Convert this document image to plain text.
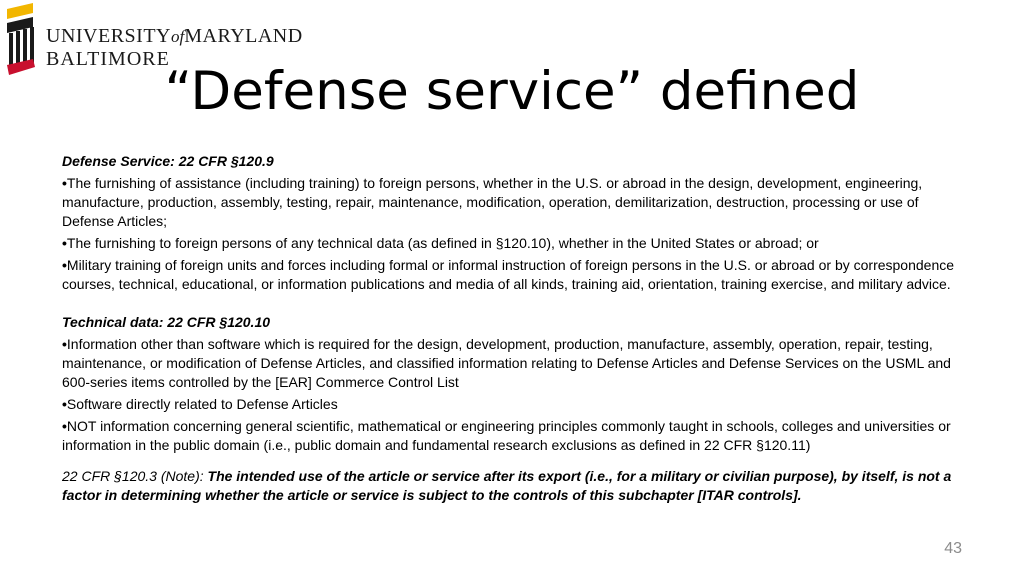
UNIVERSITYofMARYLAND
BALTIMORE
“Defense service” defined
Defense Service: 22 CFR §120.9
•The furnishing of assistance (including training) to foreign persons, whether in the U.S. or abroad in the design, development, engineering, manufacture, production, assembly, testing, repair, maintenance, modification, operation, demilitarization, destruction, processing or use of Defense Articles;
•The furnishing to foreign persons of any technical data (as defined in §120.10), whether in the United States or abroad; or
•Military training of foreign units and forces including formal or informal instruction of foreign persons in the U.S. or abroad or by correspondence courses, technical, educational, or information publications and media of all kinds, training aid, orientation, training exercise, and military advice.
Technical data: 22 CFR §120.10
•Information other than software which is required for the design, development, production, manufacture, assembly, operation, repair, testing, maintenance, or modification of Defense Articles, and classified information relating to Defense Articles and Defense Services on the USML and 600-series items controlled by the [EAR] Commerce Control List
•Software directly related to Defense Articles
•NOT information concerning general scientific, mathematical or engineering principles commonly taught in schools, colleges and universities or information in the public domain (i.e., public domain and fundamental research exclusions as defined in 22 CFR §120.11)
22 CFR §120.3 (Note): The intended use of the article or service after its export (i.e., for a military or civilian purpose), by itself, is not a factor in determining whether the article or service is subject to the controls of this subchapter [ITAR controls].
43
